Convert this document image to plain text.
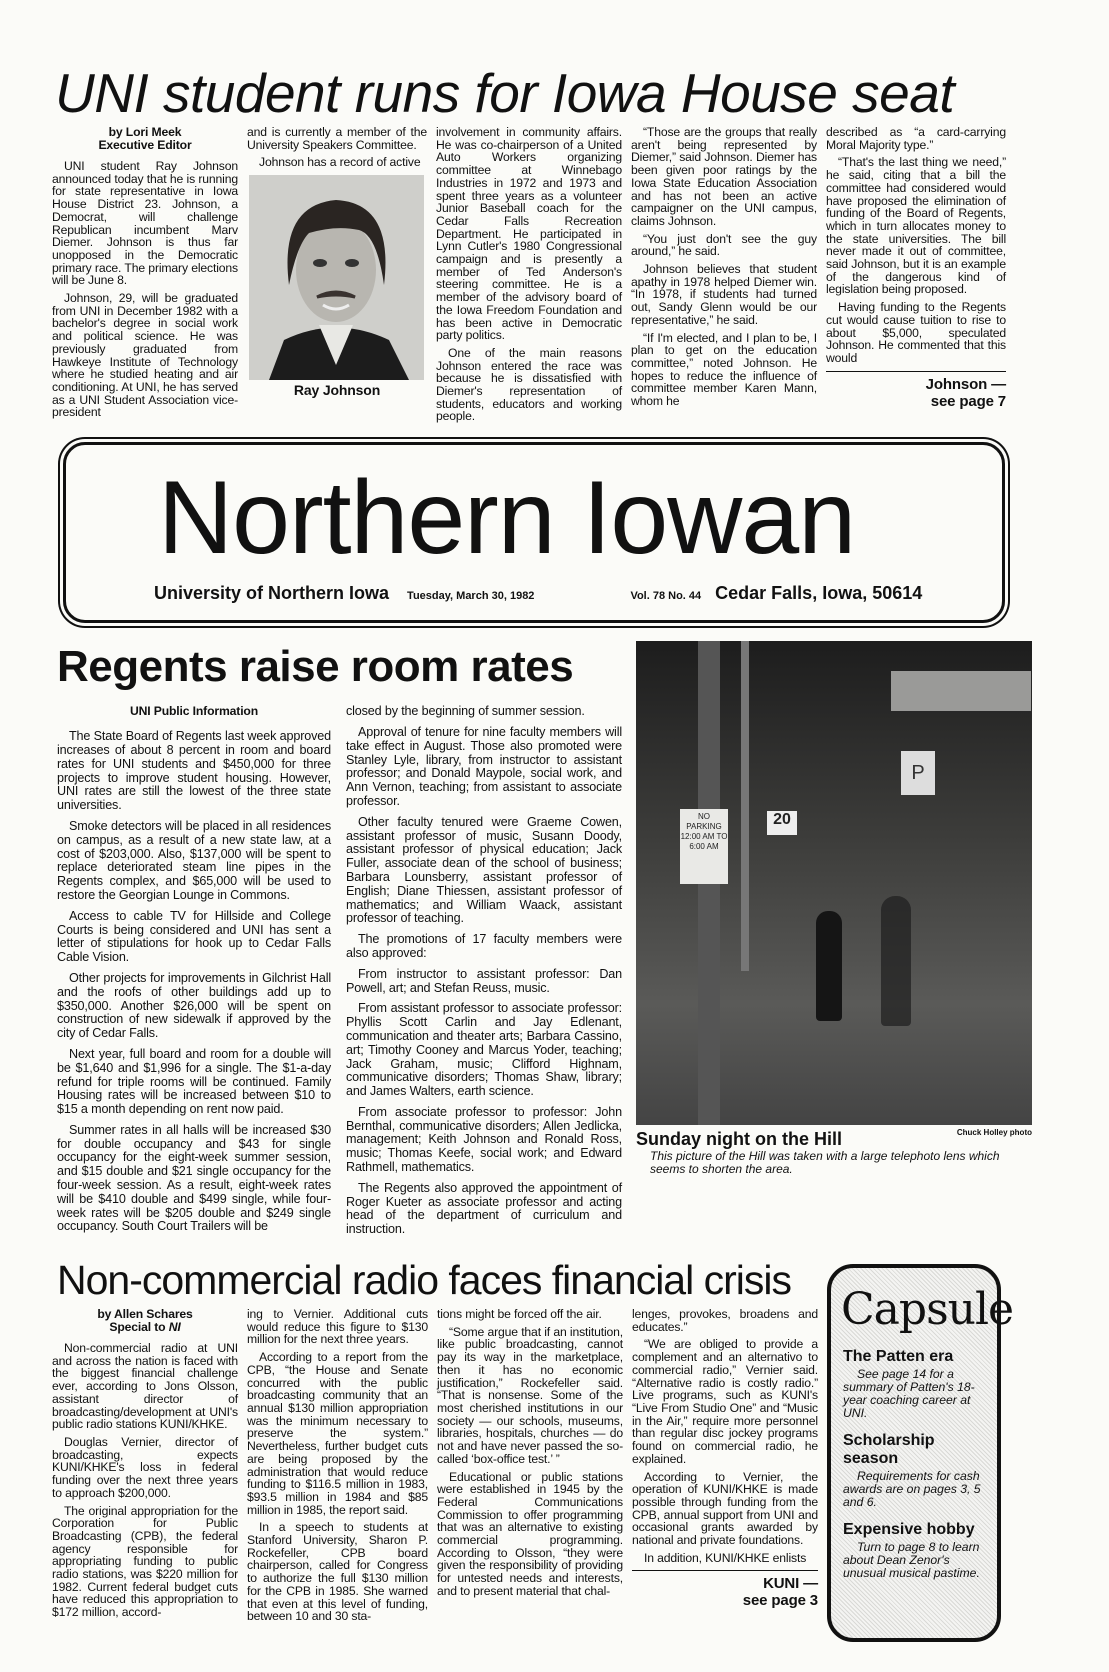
UNI student runs for Iowa House seat
by Lori Meek
Executive Editor

UNI student Ray Johnson announced today that he is running for state representative in Iowa House District 23. Johnson, a Democrat, will challenge Republican incumbent Marv Diemer. Johnson is thus far unopposed in the Democratic primary race. The primary elections will be June 8.

Johnson, 29, will be graduated from UNI in December 1982 with a bachelor's degree in social work and political science. He was previously graduated from Hawkeye Institute of Technology where he studied heating and air conditioning. At UNI, he has served as a UNI Student Association vice-president

and is currently a member of the University Speakers Committee.

Johnson has a record of active

Ray Johnson

involvement in community affairs. He was co-chairperson of a United Auto Workers organizing committee at Winnebago Industries in 1972 and 1973 and spent three years as a volunteer Junior Baseball coach for the Cedar Falls Recreation Department. He participated in Lynn Cutler's 1980 Congressional campaign and is presently a member of Ted Anderson's steering committee. He is a member of the advisory board of the Iowa Freedom Foundation and has been active in Democratic party politics.

One of the main reasons Johnson entered the race was because he is dissatisfied with Diemer's representation of students, educators and working people.

“Those are the groups that really aren't being represented by Diemer,” said Johnson. Diemer has been given poor ratings by the Iowa State Education Association and has not been an active campaigner on the UNI campus, claims Johnson.

“You just don't see the guy around,” he said.

Johnson believes that student apathy in 1978 helped Diemer win. “In 1978, if students had turned out, Sandy Glenn would be our representative,” he said.

“If I'm elected, and I plan to be, I plan to get on the education committee,” noted Johnson. He hopes to reduce the influence of committee member Karen Mann, whom he

described as “a card-carrying Moral Majority type.”

“That's the last thing we need,” he said, citing that a bill the committee had considered would have proposed the elimination of funding of the Board of Regents, which in turn allocates money to the state universities. The bill never made it out of committee, said Johnson, but it is an example of the dangerous kind of legislation being proposed.

Having funding to the Regents cut would cause tuition to rise to about $5,000, speculated Johnson. He commented that this would

Johnson —
see page 7
Northern Iowan
University of Northern Iowa Tuesday, March 30, 1982	Vol. 78 No. 44 Cedar Falls, Iowa, 50614
Regents raise room rates
UNI Public Information

The State Board of Regents last week approved increases of about 8 percent in room and board rates for UNI students and $450,000 for three projects to improve student housing. However, UNI rates are still the lowest of the three state universities.

Smoke detectors will be placed in all residences on campus, as a result of a new state law, at a cost of $203,000. Also, $137,000 will be spent to replace deteriorated steam line pipes in the Regents complex, and $65,000 will be used to restore the Georgian Lounge in Commons.

Access to cable TV for Hillside and College Courts is being considered and UNI has sent a letter of stipulations for hook up to Cedar Falls Cable Vision.

Other projects for improvements in Gilchrist Hall and the roofs of other buildings add up to $350,000. Another $26,000 will be spent on construction of new sidewalk if approved by the city of Cedar Falls.

Next year, full board and room for a double will be $1,640 and $1,996 for a single. The $1-a-day refund for triple rooms will be continued. Family Housing rates will be increased between $10 to $15 a month depending on rent now paid.

Summer rates in all halls will be increased $30 for double occupancy and $43 for single occupancy for the eight-week summer session, and $15 double and $21 single occupancy for the four-week session. As a result, eight-week rates will be $410 double and $499 single, while four-week rates will be $205 double and $249 single occupancy. South Court Trailers will be

closed by the beginning of summer session.

Approval of tenure for nine faculty members will take effect in August. Those also promoted were Stanley Lyle, library, from instructor to assistant professor; and Donald Maypole, social work, and Ann Vernon, teaching; from assistant to associate professor.

Other faculty tenured were Graeme Cowen, assistant professor of music, Susann Doody, assistant professor of physical education; Jack Fuller, associate dean of the school of business; Barbara Lounsberry, assistant professor of English; Diane Thiessen, assistant professor of mathematics; and William Waack, assistant professor of teaching.

The promotions of 17 faculty members were also approved:

From instructor to assistant professor: Dan Powell, art; and Stefan Reuss, music.

From assistant professor to associate professor: Phyllis Scott Carlin and Jay Edlenant, communication and theater arts; Barbara Cassino, art; Timothy Cooney and Marcus Yoder, teaching; Jack Graham, music; Clifford Highnam, communicative disorders; Thomas Shaw, library; and James Walters, earth science.

From associate professor to professor: John Bernthal, communicative disorders; Allen Jedlicka, management; Keith Johnson and Ronald Ross, music; Thomas Keefe, social work; and Edward Rathmell, mathematics.

The Regents also approved the appointment of Roger Kueter as associate professor and acting head of the department of curriculum and instruction.

NO PARKING 12:00 AM TO 6:00 AM
20
P
Sunday night on the Hill	Chuck Holley photo
This picture of the Hill was taken with a large telephoto lens which seems to shorten the area.
Non-commercial radio faces financial crisis
by Allen Schares
Special to NI

Non-commercial radio at UNI and across the nation is faced with the biggest financial challenge ever, according to Jons Olsson, assistant director of broadcasting/development at UNI's public radio stations KUNI/KHKE.

Douglas Vernier, director of broadcasting, expects KUNI/KHKE's loss in federal funding over the next three years to approach $200,000.

The original appropriation for the Corporation for Public Broadcasting (CPB), the federal agency responsible for appropriating funding to public radio stations, was $220 million for 1982. Current federal budget cuts have reduced this appropriation to $172 million, accord-

ing to Vernier. Additional cuts would reduce this figure to $130 million for the next three years.

According to a report from the CPB, “the House and Senate concurred with the public broadcasting community that an annual $130 million appropriation was the minimum necessary to preserve the system.” Nevertheless, further budget cuts are being proposed by the administration that would reduce funding to $116.5 million in 1983, $93.5 million in 1984 and $85 million in 1985, the report said.

In a speech to students at Stanford University, Sharon P. Rockefeller, CPB board chairperson, called for Congress to authorize the full $130 million for the CPB in 1985. She warned that even at this level of funding, between 10 and 30 sta-

tions might be forced off the air.

“Some argue that if an institution, like public broadcasting, cannot pay its way in the marketplace, then it has no economic justification,” Rockefeller said. “That is nonsense. Some of the most cherished institutions in our society — our schools, museums, libraries, hospitals, churches — do not and have never passed the so-called ‘box-office test.’ ”

Educational or public stations were established in 1945 by the Federal Communications Commission to offer programming that was an alternative to existing commercial programming. According to Olsson, “they were given the responsibility of providing for untested needs and interests, and to present material that chal-

lenges, provokes, broadens and educates.”

“We are obliged to provide a complement and an alternativo to commercial radio,” Vernier said. “Alternative radio is costly radio.” Live programs, such as KUNI's “Live From Studio One” and “Music in the Air,” require more personnel than regular disc jockey programs found on commercial radio, he explained.

According to Vernier, the operation of KUNI/KHKE is made possible through funding from the CPB, annual support from UNI and occasional grants awarded by national and private foundations.

In addition, KUNI/KHKE enlists

KUNI —
see page 3
Capsule
The Patten era
See page 14 for a summary of Patten's 18-year coaching career at UNI.
Scholarship season
Requirements for cash awards are on pages 3, 5 and 6.
Expensive hobby
Turn to page 8 to learn about Dean Zenor's unusual musical pastime.
